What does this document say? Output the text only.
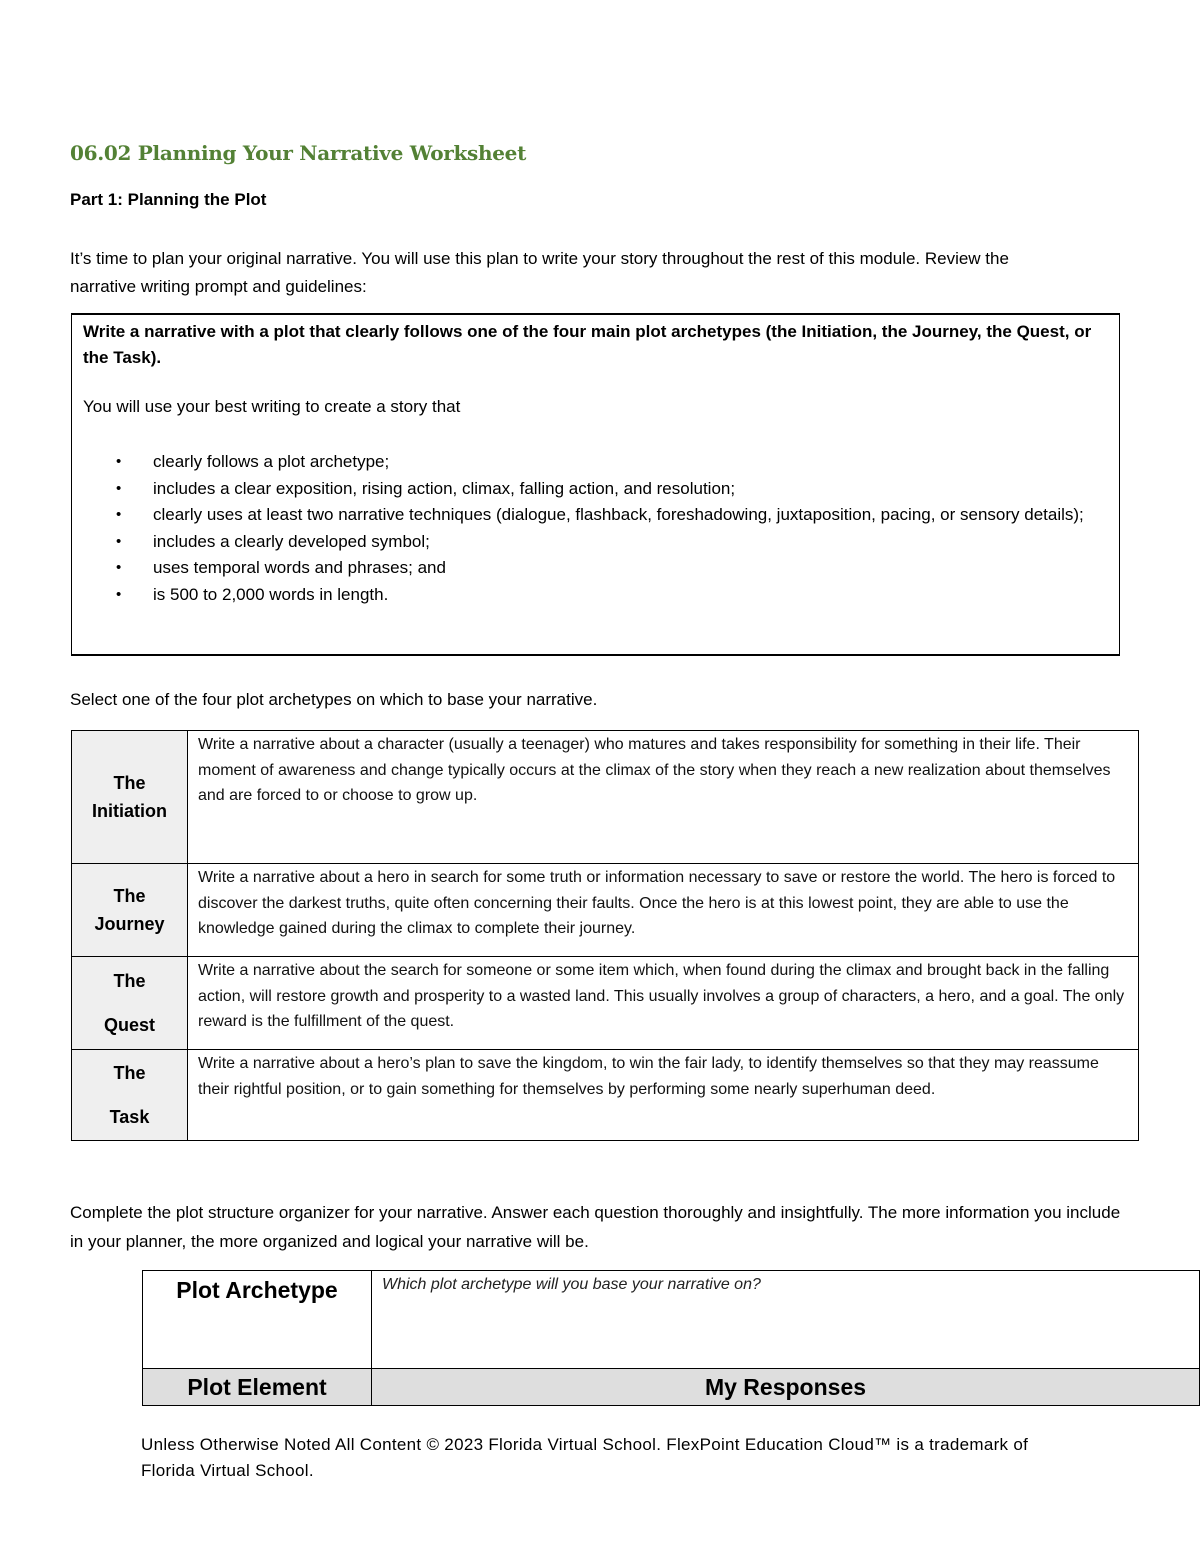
06.02 Planning Your Narrative Worksheet
Part 1: Planning the Plot
It’s time to plan your original narrative. You will use this plan to write your story throughout the rest of this module. Review the narrative writing prompt and guidelines:
Write a narrative with a plot that clearly follows one of the four main plot archetypes (the Initiation, the Journey, the Quest, or the Task).
You will use your best writing to create a story that
• clearly follows a plot archetype;
• includes a clear exposition, rising action, climax, falling action, and resolution;
• clearly uses at least two narrative techniques (dialogue, flashback, foreshadowing, juxtaposition, pacing, or sensory details);
• includes a clearly developed symbol;
• uses temporal words and phrases; and
• is 500 to 2,000 words in length.
Select one of the four plot archetypes on which to base your narrative.
The
Initiation	Write a narrative about a character (usually a teenager) who matures and takes responsibility for something in their life. Their moment of awareness and change typically occurs at the climax of the story when they reach a new realization about themselves and are forced to or choose to grow up.

The
Journey	Write a narrative about a hero in search for some truth or information necessary to save or restore the world. The hero is forced to discover the darkest truths, quite often concerning their faults. Once the hero is at this lowest point, they are able to use the knowledge gained during the climax to complete their journey.

The
Quest	Write a narrative about the search for someone or some item which, when found during the climax and brought back in the falling action, will restore growth and prosperity to a wasted land. This usually involves a group of characters, a hero, and a goal. The only reward is the fulfillment of the quest.

The
Task	Write a narrative about a hero’s plan to save the kingdom, to win the fair lady, to identify themselves so that they may reassume their rightful position, or to gain something for themselves by performing some nearly superhuman deed.
Complete the plot structure organizer for your narrative. Answer each question thoroughly and insightfully. The more information you include in your planner, the more organized and logical your narrative will be.
Plot Archetype	Which plot archetype will you base your narrative on?
Plot Element	My Responses
Unless Otherwise Noted All Content © 2023 Florida Virtual School. FlexPoint Education Cloud™ is a trademark of Florida Virtual School.
